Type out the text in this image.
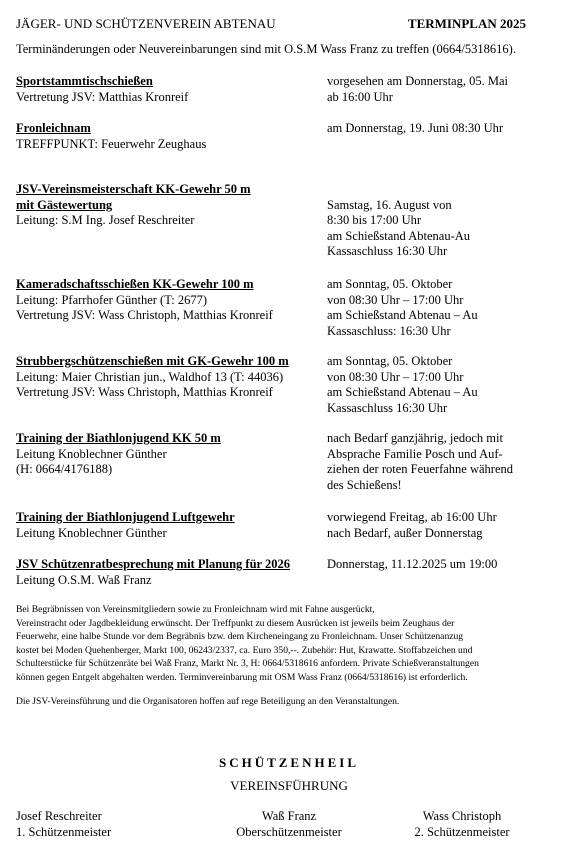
JÄGER- UND SCHÜTZENVEREIN ABTENAU	TERMINPLAN 2025
Terminänderungen oder Neuvereinbarungen sind mit O.S.M Wass Franz zu treffen (0664/5318616).
Sportstammtischschießen
Vertretung JSV: Matthias Kronreif
vorgesehen am Donnerstag, 05. Mai
ab 16:00 Uhr
Fronleichnam
TREFFPUNKT: Feuerwehr Zeughaus
am Donnerstag, 19. Juni 08:30 Uhr
JSV-Vereinsmeisterschaft KK-Gewehr 50 m
mit Gästewertung
Leitung: S.M Ing. Josef Reschreiter

Samstag, 16. August von
8:30 bis 17:00 Uhr
am Schießstand Abtenau-Au
Kassaschluss 16:30 Uhr
Kameradschaftsschießen KK-Gewehr 100 m
Leitung: Pfarrhofer Günther (T: 2677)
Vertretung JSV: Wass Christoph, Matthias Kronreif
am Sonntag, 05. Oktober
von 08:30 Uhr – 17:00 Uhr
am Schießstand Abtenau – Au
Kassaschluss: 16:30 Uhr
Strubbergschützenschießen mit GK-Gewehr 100 m
Leitung: Maier Christian jun., Waldhof 13 (T: 44036)
Vertretung JSV: Wass Christoph, Matthias Kronreif
am Sonntag, 05. Oktober
von 08:30 Uhr – 17:00 Uhr
am Schießstand Abtenau – Au
Kassaschluss 16:30 Uhr
Training der Biathlonjugend KK 50 m
Leitung Knoblechner Günther
(H: 0664/4176188)
nach Bedarf ganzjährig, jedoch mit
Absprache Familie Posch und Auf-
ziehen der roten Feuerfahne während
des Schießens!
Training der Biathlonjugend Luftgewehr
Leitung Knoblechner Günther
vorwiegend Freitag, ab 16:00 Uhr
nach Bedarf, außer Donnerstag
JSV Schützenratbesprechung mit Planung für 2026
Leitung O.S.M. Waß Franz
Donnerstag, 11.12.2025 um 19:00
Bei Begräbnissen von Vereinsmitgliedern sowie zu Fronleichnam wird mit Fahne ausgerückt,
Vereinstracht oder Jagdbekleidung erwünscht. Der Treffpunkt zu diesem Ausrücken ist jeweils beim Zeughaus der
Feuerwehr, eine halbe Stunde vor dem Begräbnis bzw. dem Kircheneingang zu Fronleichnam. Unser Schützenanzug
kostet bei Moden Quehenberger, Markt 100, 06243/2337, ca. Euro 350,--. Zubehör: Hut, Krawatte. Stoffabzeichen und
Schulterstücke für Schützenräte bei Waß Franz, Markt Nr. 3, H: 0664/5318616 anfordern. Private Schießveranstaltungen
können gegen Entgelt abgehalten werden. Terminvereinbarung mit OSM Wass Franz (0664/5318616) ist erforderlich.
Die JSV-Vereinsführung und die Organisatoren hoffen auf rege Beteiligung an den Veranstaltungen.
SCHÜTZENHEIL
VEREINSFÜHRUNG
Josef Reschreiter
1. Schützenmeister
Waß Franz
Oberschützenmeister
Wass Christoph
2. Schützenmeister
